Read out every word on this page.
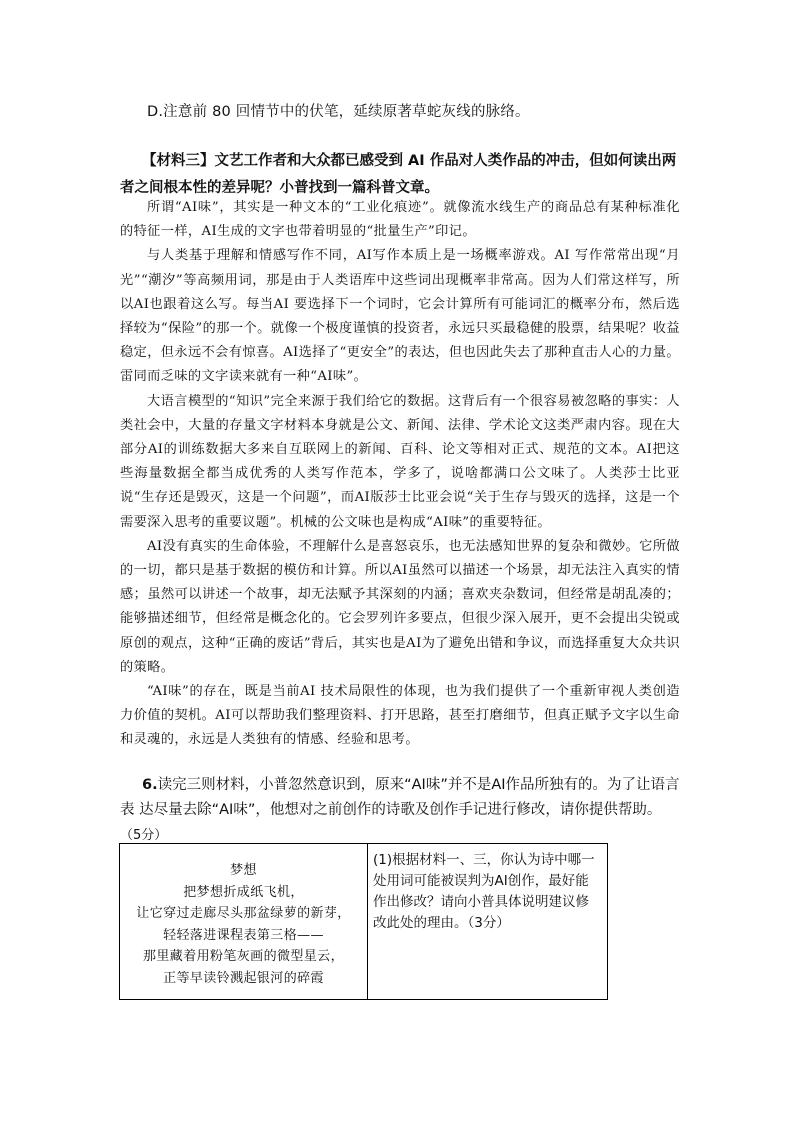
D.注意前 80 回情节中的伏笔，延续原著草蛇灰线的脉络。
【材料三】文艺工作者和大众都已感受到 AI 作品对人类作品的冲击，但如何读出两者之间根本性的差异呢？小普找到一篇科普文章。

所谓“AI味”，其实是一种文本的“工业化痕迹”。就像流水线生产的商品总有某种标准化的特征一样，AI生成的文字也带着明显的“批量生产”印记。

与人类基于理解和情感写作不同，AI写作本质上是一场概率游戏。AI 写作常常出现“月光”“潮汐”等高频用词，那是由于人类语库中这些词出现概率非常高。因为人们常这样写，所以AI也跟着这么写。每当AI 要选择下一个词时，它会计算所有可能词汇的概率分布，然后选择较为“保险”的那一个。就像一个极度谨慎的投资者，永远只买最稳健的股票，结果呢？收益稳定，但永远不会有惊喜。AI选择了“更安全”的表达，但也因此失去了那种直击人心的力量。雷同而乏味的文字读来就有一种“AI味”。

大语言模型的“知识”完全来源于我们给它的数据。这背后有一个很容易被忽略的事实：人类社会中，大量的存量文字材料本身就是公文、新闻、法律、学术论文这类严肃内容。现在大部分AI的训练数据大多来自互联网上的新闻、百科、论文等相对正式、规范的文本。AI把这些海量数据全都当成优秀的人类写作范本，学多了，说啥都满口公文味了。人类莎士比亚说“生存还是毁灭，这是一个问题”，而AI版莎士比亚会说“关于生存与毁灭的选择，这是一个需要深入思考的重要议题”。机械的公文味也是构成“AI味”的重要特征。

AI没有真实的生命体验，不理解什么是喜怒哀乐，也无法感知世界的复杂和微妙。它所做的一切，都只是基于数据的模仿和计算。所以AI虽然可以描述一个场景，却无法注入真实的情感；虽然可以讲述一个故事，却无法赋予其深刻的内涵；喜欢夹杂数词，但经常是胡乱凑的；能够描述细节，但经常是概念化的。它会罗列许多要点，但很少深入展开，更不会提出尖锐或原创的观点，这种“正确的废话”背后，其实也是AI为了避免出错和争议，而选择重复大众共识的策略。

“AI味”的存在，既是当前AI 技术局限性的体现，也为我们提供了一个重新审视人类创造力价值的契机。AI可以帮助我们整理资料、打开思路，甚至打磨细节，但真正赋予文字以生命和灵魂的，永远是人类独有的情感、经验和思考。

6.读完三则材料，小普忽然意识到，原来“AI味”并不是AI作品所独有的。为了让语言表 达尽量去除“AI味”，他想对之前创作的诗歌及创作手记进行修改，请你提供帮助。
（5分）
梦想
把梦想折成纸飞机，
让它穿过走廊尽头那盆绿萝的新芽，
轻轻落进课程表第三格——
那里藏着用粉笔灰画的微型星云，
正等早读铃溅起银河的碎霞
(1)根据材料一、三，你认为诗中哪一处用词可能被误判为AI创作，最好能作出修改？请向小普具体说明建议修改此处的理由。（3分）
